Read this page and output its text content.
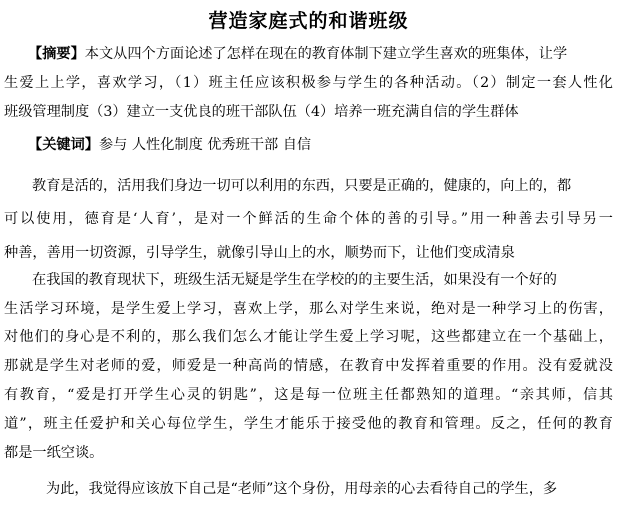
营造家庭式的和谐班级
【摘要】本文从四个方面论述了怎样在现在的教育体制下建立学生喜欢的班集体，让学
生爱上上学，喜欢学习，（1）班主任应该积极参与学生的各种活动。（2）制定一套人性化
班级管理制度（3）建立一支优良的班干部队伍（4）培养一班充满自信的学生群体
【关键词】参与 人性化制度 优秀班干部 自信
教育是活的，活用我们身边一切可以利用的东西，只要是正确的，健康的，向上的，都
可以使用，德育是‘人育’，是对一个鲜活的生命个体的善的引导。”用一种善去引导另一
种善，善用一切资源，引导学生，就像引导山上的水，顺势而下，让他们变成清泉
在我国的教育现状下，班级生活无疑是学生在学校的的主要生活，如果没有一个好的
生活学习环境，是学生爱上学习，喜欢上学，那么对学生来说，绝对是一种学习上的伤害，
对他们的身心是不利的，那么我们怎么才能让学生爱上学习呢，这些都建立在一个基础上，
那就是学生对老师的爱，师爱是一种高尚的情感，在教育中发挥着重要的作用。没有爱就没
有教育，“爱是打开学生心灵的钥匙”，这是每一位班主任都熟知的道理。“亲其师，信其
道”，班主任爱护和关心每位学生，学生才能乐于接受他的教育和管理。反之，任何的教育
都是一纸空谈。
为此，我觉得应该放下自己是“老师”这个身份，用母亲的心去看待自己的学生，多
